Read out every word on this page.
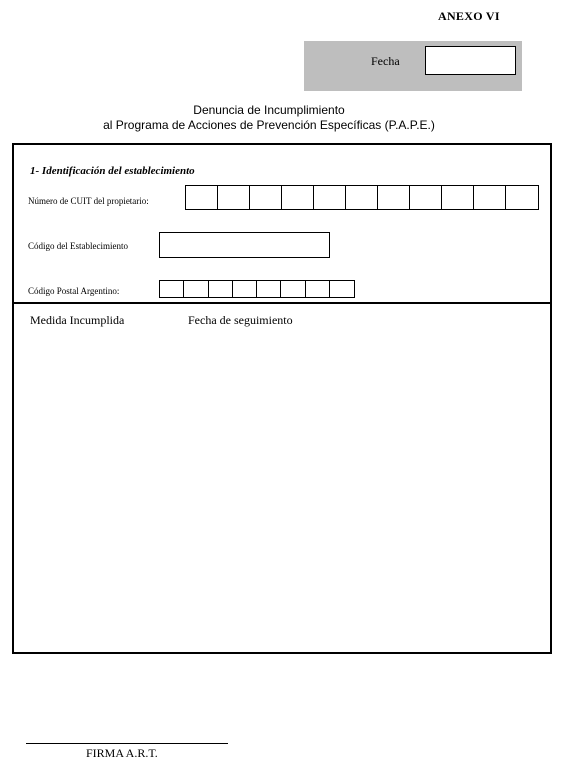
ANEXO VI
Fecha
Denuncia de Incumplimiento
al Programa de Acciones de Prevención Específicas (P.A.P.E.)
1- Identificación del establecimiento
Número de CUIT del propietario:
Código del Establecimiento
Código Postal Argentino:
Medida Incumplida	Fecha de seguimiento
FIRMA A.R.T.
